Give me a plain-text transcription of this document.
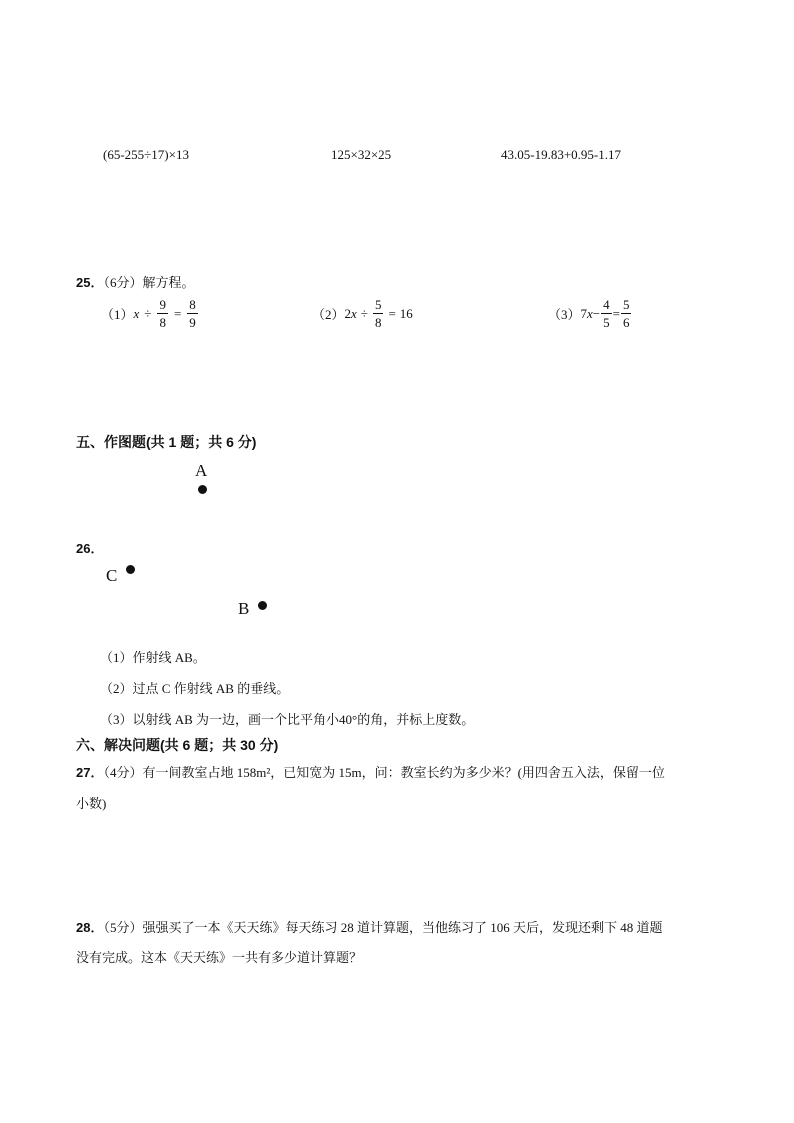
(65-255÷17)×13	125×32×25	43.05-19.83+0.95-1.17
25．（6分）解方程。
（1） $x \div \frac{9}{8} = \frac{8}{9}$	（2） 2 $x \div \frac{5}{8} = 16$	（3） 7 $x - \frac{4}{5} = \frac{5}{6}$
五、作图题(共 1 题；共 6 分)
A
26．
C
B
（1）作射线 AB。
（2）过点 C 作射线 AB 的垂线。
（3）以射线 AB 为一边，画一个比平角小40°的角，并标上度数。
六、解决问题(共 6 题；共 30 分)
27．（4分）有一间教室占地 158m²，已知宽为 15m，问：教室长约为多少米？(用四舍五入法，保留一位
小数)
28．（5分）强强买了一本《天天练》每天练习 28 道计算题，当他练习了 106 天后，发现还剩下 48 道题
没有完成。这本《天天练》一共有多少道计算题？
